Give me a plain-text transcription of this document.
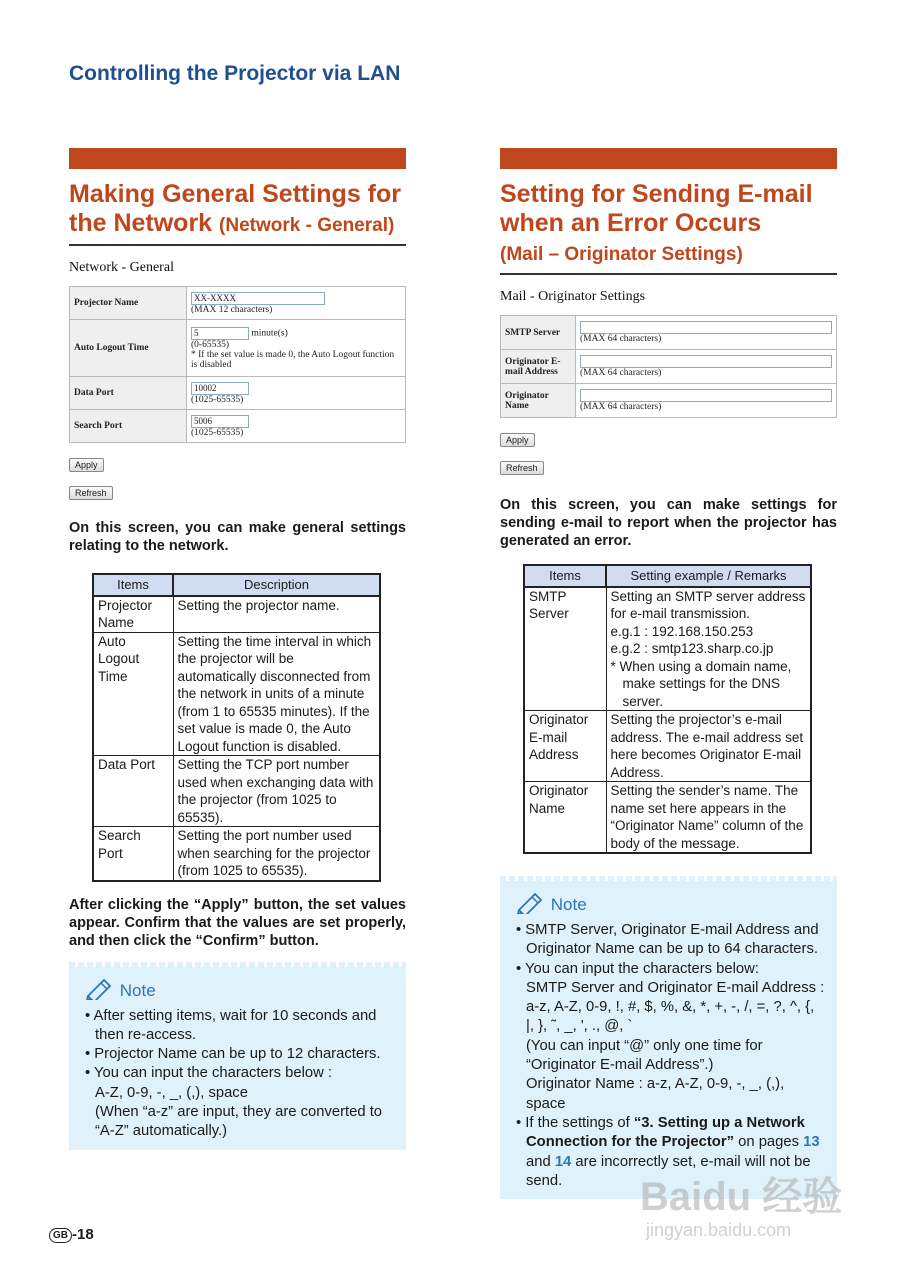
Controlling the Projector via LAN
Making General Settings for the Network (Network - General)
Network - General
Projector Name	XX-XXXX
(MAX 12 characters)
Auto Logout Time	5 minute(s)
(0-65535)
* If the set value is made 0, the Auto Logout function is disabled
Data Port	10002
(1025-65535)
Search Port	5006
(1025-65535)
Apply
Refresh
On this screen, you can make general settings relating to the network.
Items	Description
Projector Name	Setting the projector name.
Auto Logout Time	Setting the time interval in which the projector will be automatically disconnected from the network in units of a minute (from 1 to 65535 minutes). If the set value is made 0, the Auto Logout function is disabled.
Data Port	Setting the TCP port number used when exchanging data with the projector (from 1025 to 65535).
Search Port	Setting the port number used when searching for the projector (from 1025 to 65535).
After clicking the “Apply” button, the set values appear. Confirm that the values are set properly, and then click the “Confirm” button.
Note
• After setting items, wait for 10 seconds and then re-access.
• Projector Name can be up to 12 characters.
• You can input the characters below :
A-Z, 0-9, -, _, (,), space
(When “a-z” are input, they are converted to “A-Z” automatically.)
Setting for Sending E-mail when an Error Occurs
(Mail – Originator Settings)
Mail - Originator Settings
SMTP Server	(MAX 64 characters)
Originator E-mail Address	(MAX 64 characters)
Originator Name	(MAX 64 characters)
Apply
Refresh
On this screen, you can make settings for sending e-mail to report when the projector has generated an error.
Items	Setting example / Remarks
SMTP Server	Setting an SMTP server address for e-mail transmission.
e.g.1 : 192.168.150.253
e.g.2 : smtp123.sharp.co.jp
* When using a domain name, make settings for the DNS server.

Originator E-mail Address	Setting the projector’s e-mail address. The e-mail address set here becomes Originator E-mail Address.
Originator Name	Setting the sender’s name. The name set here appears in the “Originator Name” column of the body of the message.
Note
• SMTP Server, Originator E-mail Address and Originator Name can be up to 64 characters.
• You can input the characters below:
SMTP Server and Originator E-mail Address : a-z, A-Z, 0-9, !, #, $, %, &, *, +, -, /, =, ?, ^, {, |, }, ˜, _, ', ., @, `
(You can input “@” only one time for “Originator E-mail Address”.)
Originator Name : a-z, A-Z, 0-9, -, _, (,), space
• If the settings of “3. Setting up a Network Connection for the Projector” on pages 13 and 14 are incorrectly set, e-mail will not be send.
GB -18
Baidu 经验
jingyan.baidu.com
